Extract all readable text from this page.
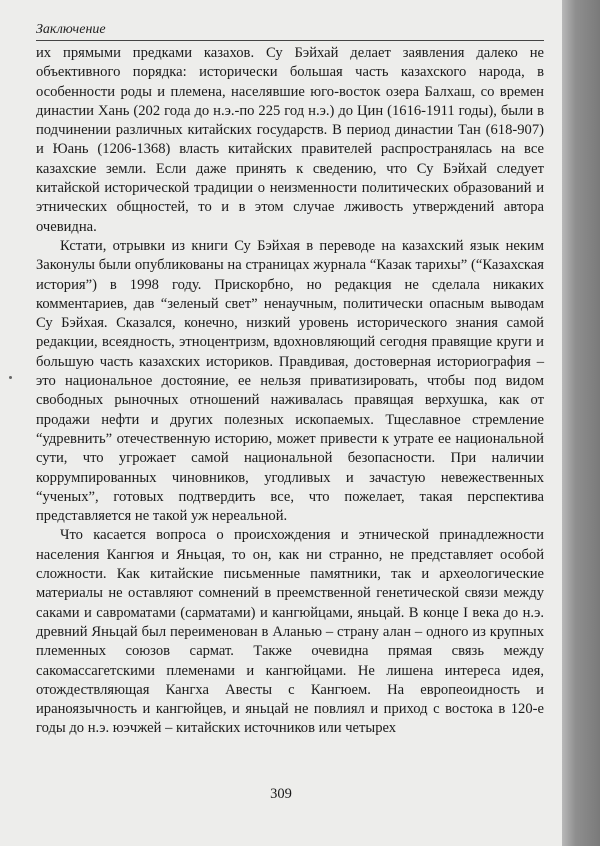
Заключение

их прямыми предками казахов. Су Бэйхай делает заявления далеко не объективного порядка: исторически большая часть казахского народа, в особенности роды и племена, населявшие юго-восток озера Балхаш, со времен династии Хань (202 года до н.э.-по 225 год н.э.) до Цин (1616-1911 годы), были в подчинении различных китайских государств. В период династии Тан (618-907) и Юань (1206-1368) власть китайских правителей распространялась на все казахские земли. Если даже принять к сведению, что Су Бэйхай следует китайской исторической традиции о неизменности политических образований и этнических общностей, то и в этом случае лживость утверждений автора очевидна.

Кстати, отрывки из книги Су Бэйхая в переводе на казахский язык неким Законулы были опубликованы на страницах журнала “Казак тарихы” (“Казахская история”) в 1998 году. Прискорбно, но редакция не сделала никаких комментариев, дав “зеленый свет” ненаучным, политически опасным выводам Су Бэйхая. Сказался, конечно, низкий уровень исторического знания самой редакции, всеядность, этноцентризм, вдохновляющий сегодня правящие круги и большую часть казахских историков. Правдивая, достоверная историография – это национальное достояние, ее нельзя приватизировать, чтобы под видом свободных рыночных отношений наживалась правящая верхушка, как от продажи нефти и других полезных ископаемых. Тщеславное стремление “удревнить” отечественную историю, может привести к утрате ее национальной сути, что угрожает самой национальной безопасности. При наличии коррумпированных чиновников, угодливых и зачастую невежественных “ученых”, готовых подтвердить все, что пожелает, такая перспектива представляется не такой уж нереальной.

Что касается вопроса о происхождения и этнической принадлежности населения Кангюя и Яньцая, то он, как ни странно, не представляет особой сложности. Как китайские письменные памятники, так и археологические материалы не оставляют сомнений в преемственной генетической связи между саками и савроматами (сарматами) и кангюйцами, яньцай. В конце I века до н.э. древний Яньцай был переименован в Аланью – страну алан – одного из крупных племенных союзов сармат. Также очевидна прямая связь между сакомассагетскими племенами и кангюйцами. Не лишена интереса идея, отождествляющая Кангха Авесты с Кангюем. На европеоидность и ираноязычность и кангюйцев, и яньцай не повлиял и приход с востока в 120-е годы до н.э. юэчжей – китайских источников или четырех

309
